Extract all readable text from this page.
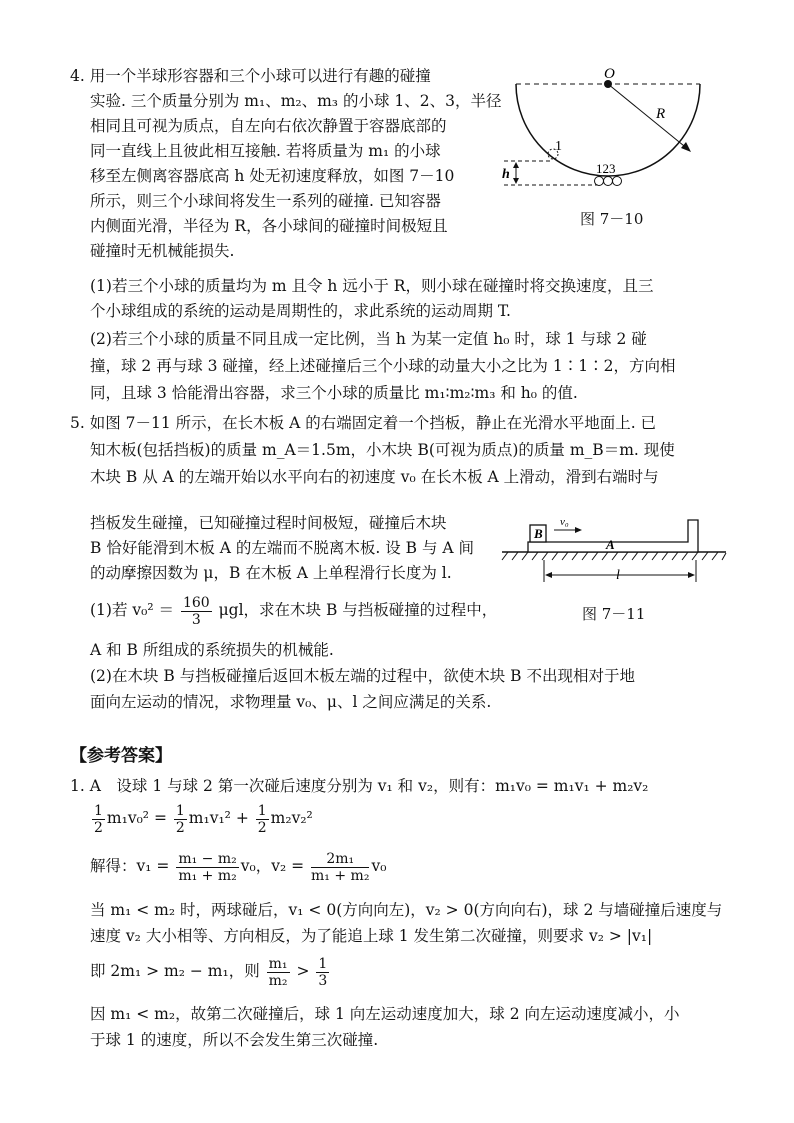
4. 用一个半球形容器和三个小球可以进行有趣的碰撞
实验. 三个质量分别为 m₁、m₂、m₃ 的小球 1、2、3，半径
相同且可视为质点，自左向右依次静置于容器底部的
同一直线上且彼此相互接触. 若将质量为 m₁ 的小球
移至左侧离容器底高 h 处无初速度释放，如图 7－10
所示，则三个小球间将发生一系列的碰撞. 已知容器
内侧面光滑，半径为 R，各小球间的碰撞时间极短且
碰撞时无机械能损失.
(1)若三个小球的质量均为 m 且令 h 远小于 R，则小球在碰撞时将交换速度，且三
个小球组成的系统的运动是周期性的，求此系统的运动周期 T.
(2)若三个小球的质量不同且成一定比例，当 h 为某一定值 h₀ 时，球 1 与球 2 碰
撞，球 2 再与球 3 碰撞，经上述碰撞后三个小球的动量大小之比为 1∶1∶2，方向相
同，且球 3 恰能滑出容器，求三个小球的质量比 m₁∶m₂∶m₃ 和 h₀ 的值.
O
R
1
123
h
图 7－10
5. 如图 7－11 所示，在长木板 A 的右端固定着一个挡板，静止在光滑水平地面上. 已
知木板(包括挡板)的质量 m_A＝1.5m，小木块 B(可视为质点)的质量 m_B＝m. 现使
木块 B 从 A 的左端开始以水平向右的初速度 v₀ 在长木板 A 上滑动，滑到右端时与
挡板发生碰撞，已知碰撞过程时间极短，碰撞后木块
B 恰好能滑到木板 A 的左端而不脱离木板. 设 B 与 A 间
的动摩擦因数为 μ，B 在木板 A 上单程滑行长度为 l.
(1)若 $v_0^2 = \frac{160}{3}$ μgl，求在木块 B 与挡板碰撞的过程中，
A 和 B 所组成的系统损失的机械能.
(2)在木块 B 与挡板碰撞后返回木板左端的过程中，欲使木块 B 不出现相对于地
面向左运动的情况，求物理量 v₀、μ、l 之间应满足的关系.
B
A
v₀
l
图 7－11
【参考答案】
1. A　设球 1 与球 2 第一次碰后速度分别为 v₁ 和 v₂，则有：m₁v₀ = m₁v₁ + m₂v₂
$\frac{1}{2} m_1v_0^2 = \frac{1}{2} m_1v_1^2 + \frac{1}{2} m_2v_2^2$
解得：$v_1 = \frac{\text{m₁ − m₂}}{\text{m₁ + m₂}} v_0$，$v_2 = \frac{\text{2m₁}}{\text{m₁ + m₂}} v_0$
当 m₁ < m₂ 时，两球碰后，v₁ < 0(方向向左)，v₂ > 0(方向向右)，球 2 与墙碰撞后速度与
速度 v₂ 大小相等、方向相反，为了能追上球 1 发生第二次碰撞，则要求 v₂ > |v₁|
即 2m₁ > m₂ − m₁，则 $\frac{\text{m₁}}{\text{m₂}} > \frac{1}{3}$
因 m₁ < m₂，故第二次碰撞后，球 1 向左运动速度加大，球 2 向左运动速度减小，小
于球 1 的速度，所以不会发生第三次碰撞.
